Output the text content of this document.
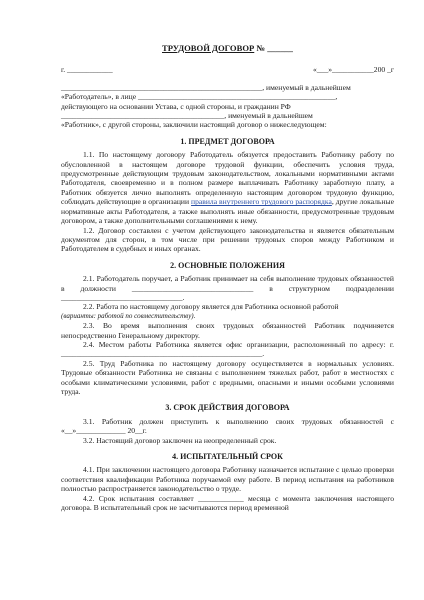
ТРУДОВОЙ ДОГОВОР № ______
г. ____________	«___»___________200 _г

_____________________________________________________, именуемый в дальнейшем

«Работодатель», в лице ____________________________________________________,

действующего на основании Устава, с одной стороны, и гражданин РФ

___________________________________________, именуемый в дальнейшем

«Работник», с другой стороны, заключили настоящий договор о нижеследующем:

1. ПРЕДМЕТ ДОГОВОРА

1.1. По настоящему договору Работодатель обязуется предоставить Работнику работу по обусловленной в настоящем договоре трудовой функции, обеспечить условия труда, предусмотренные действующим трудовым законодательством, локальными нормативными актами Работодателя, своевременно и в полном размере выплачивать Работнику заработную плату, а Работник обязуется лично выполнять определенную настоящим договором трудовую функцию, соблюдать действующие в организации правила внутреннего трудового распорядка, другие локальные нормативные акты Работодателя, а также выполнять иные обязанности, предусмотренные трудовым договором, а также дополнительными соглашениями к нему.

1.2. Договор составлен с учетом действующего законодательства и является обязательным документом для сторон, в том числе при решении трудовых споров между Работником и Работодателем в судебных и иных органах.

2. ОСНОВНЫЕ ПОЛОЖЕНИЯ

2.1. Работодатель поручает, а Работник принимает на себя выполнение трудовых обязанностей в должности ________________________________ в структурном подразделении ________________________________.

2.2. Работа по настоящему договору является для Работника основной работой

(варианты: работой по совместительству).

2.3. Во время выполнения своих трудовых обязанностей Работник подчиняется непосредственно Генеральному директору.

2.4. Местом работы Работника является офис организации, расположенный по адресу: г. _____________________________________________________.

2.5. Труд Работника по настоящему договору осуществляется в нормальных условиях. Трудовые обязанности Работника не связаны с выполнением тяжелых работ, работ в местностях с особыми климатическими условиями, работ с вредными, опасными и иными особыми условиями труда.

3. СРОК ДЕЙСТВИЯ ДОГОВОРА

3.1. Работник должен приступить к выполнению своих трудовых обязанностей с «__»_____________ 20__г.

3.2. Настоящий договор заключен на неопределенный срок.

4. ИСПЫТАТЕЛЬНЫЙ СРОК

4.1. При заключении настоящего договора Работнику назначается испытание с целью проверки соответствия квалификации Работника поручаемой ему работе. В период испытания на работников полностью распространяется законодательство о труде.

4.2. Срок испытания составляет ____________ месяца с момента заключения настоящего договора. В испытательный срок не засчитываются период временной
